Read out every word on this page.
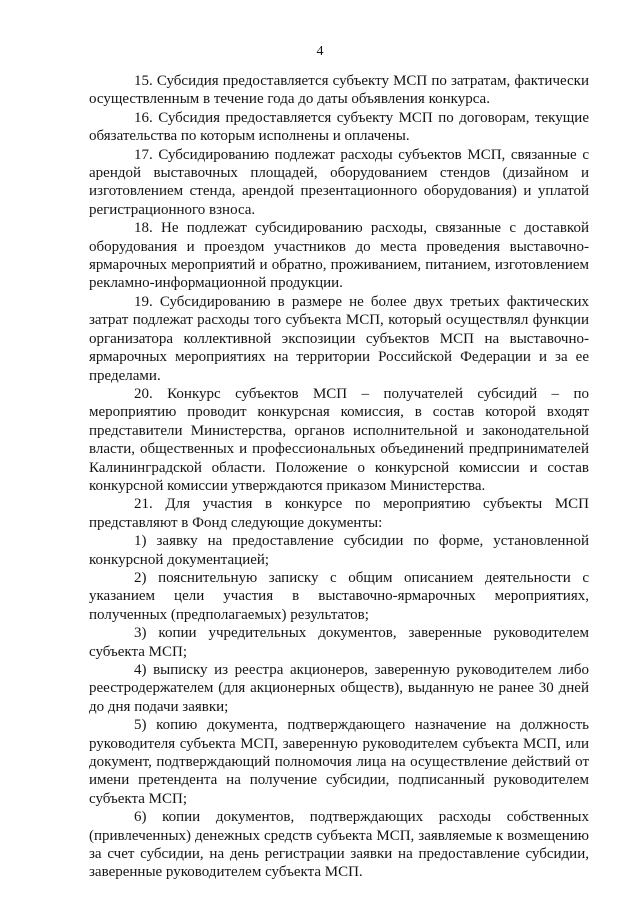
4

15. Субсидия предоставляется субъекту МСП по затратам, фактически осуществленным в течение года до даты объявления конкурса.

16. Субсидия предоставляется субъекту МСП по договорам, текущие обязательства по которым исполнены и оплачены.

17. Субсидированию подлежат расходы субъектов МСП, связанные с арендой выставочных площадей, оборудованием стендов (дизайном и изготовлением стенда, арендой презентационного оборудования) и уплатой регистрационного взноса.

18. Не подлежат субсидированию расходы, связанные с доставкой оборудования и проездом участников до места проведения выставочно-ярмарочных мероприятий и обратно, проживанием, питанием, изготовлением рекламно-информационной продукции.

19. Субсидированию в размере не более двух третьих фактических затрат подлежат расходы того субъекта МСП, который осуществлял функции организатора коллективной экспозиции субъектов МСП на выставочно-ярмарочных мероприятиях на территории Российской Федерации и за ее пределами.

20. Конкурс субъектов МСП – получателей субсидий – по мероприятию проводит конкурсная комиссия, в состав которой входят представители Министерства, органов исполнительной и законодательной власти, общественных и профессиональных объединений предпринимателей Калининградской области. Положение о конкурсной комиссии и состав конкурсной комиссии утверждаются приказом Министерства.

21. Для участия в конкурсе по мероприятию субъекты МСП представляют в Фонд следующие документы:

1) заявку на предоставление субсидии по форме, установленной конкурсной документацией;

2) пояснительную записку с общим описанием деятельности с указанием цели участия в выставочно-ярмарочных мероприятиях, полученных (предполагаемых) результатов;

3) копии учредительных документов, заверенные руководителем субъекта МСП;

4) выписку из реестра акционеров, заверенную руководителем либо реестродержателем (для акционерных обществ), выданную не ранее 30 дней до дня подачи заявки;

5) копию документа, подтверждающего назначение на должность руководителя субъекта МСП, заверенную руководителем субъекта МСП, или документ, подтверждающий полномочия лица на осуществление действий от имени претендента на получение субсидии, подписанный руководителем субъекта МСП;

6) копии документов, подтверждающих расходы собственных (привлеченных) денежных средств субъекта МСП, заявляемые к возмещению за счет субсидии, на день регистрации заявки на предоставление субсидии, заверенные руководителем субъекта МСП.
